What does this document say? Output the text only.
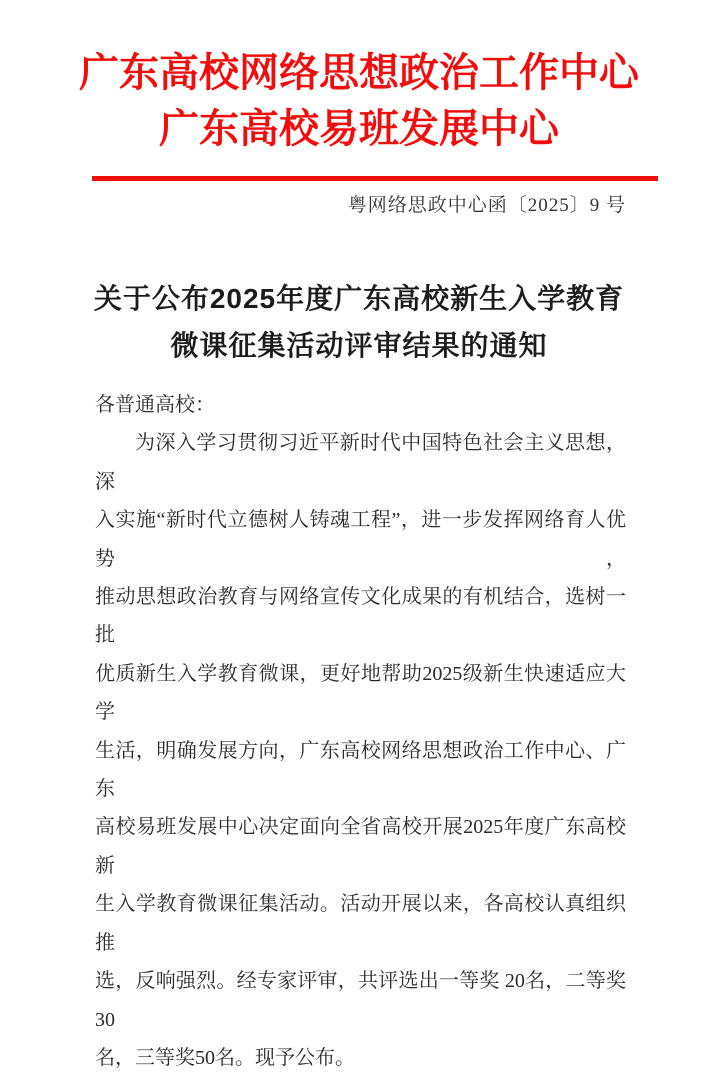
广东高校网络思想政治工作中心
广东高校易班发展中心
粤网络思政中心函〔2025〕9 号
关于公布2025年度广东高校新生入学教育
微课征集活动评审结果的通知
各普通高校：
为深入学习贯彻习近平新时代中国特色社会主义思想，深
入实施“新时代立德树人铸魂工程”，进一步发挥网络育人优势，
推动思想政治教育与网络宣传文化成果的有机结合，选树一批
优质新生入学教育微课，更好地帮助2025级新生快速适应大学
生活，明确发展方向，广东高校网络思想政治工作中心、广东
高校易班发展中心决定面向全省高校开展2025年度广东高校新
生入学教育微课征集活动。活动开展以来，各高校认真组织推
选，反响强烈。经专家评审，共评选出一等奖 20名，二等奖30
名，三等奖50名。现予公布。
